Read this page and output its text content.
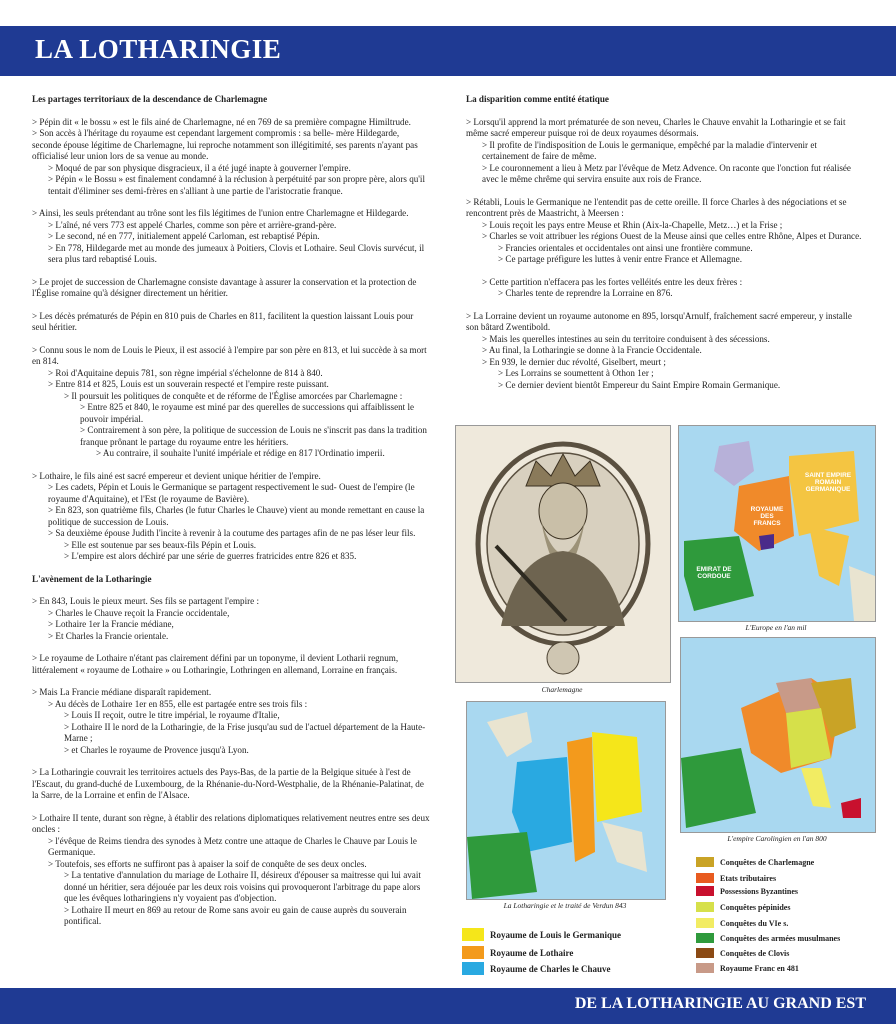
LA LOTHARINGIE

Les partages territoriaux de la descendance de Charlemagne

> Pépin dit « le bossu » est le fils ainé de Charlemagne, né en 769 de sa première compagne Himiltrude.

> Son accès à l'héritage du royaume est cependant largement compromis : sa belle- mère Hildegarde, seconde épouse légitime de Charlemagne, lui reproche notamment son illégitimité, ses parents n'ayant pas officialisé leur union lors de sa venue au monde.

> Moqué de par son physique disgracieux, il a été jugé inapte à gouverner l'empire.

> Pépin « le Bossu » est finalement condamné à la réclusion à perpétuité par son propre père, alors qu'il tentait d'éliminer ses demi-frères en s'alliant à une partie de l'aristocratie franque.

> Ainsi, les seuls prétendant au trône sont les fils légitimes de l'union entre Charlemagne et Hildegarde.

> L'aîné, né vers 773 est appelé Charles, comme son père et arrière-grand-père.

> Le second, né en 777, initialement appelé Carloman, est rebaptisé Pépin.

> En 778, Hildegarde met au monde des jumeaux à Poitiers, Clovis et Lothaire. Seul Clovis survécut, il sera plus tard rebaptisé Louis.

> Le projet de succession de Charlemagne consiste davantage à assurer la conservation et la protection de l'Église romaine qu'à désigner directement un héritier.

> Les décès prématurés de Pépin en 810 puis de Charles en 811, facilitent la question laissant Louis pour seul héritier.

> Connu sous le nom de Louis le Pieux, il est associé à l'empire par son père en 813, et lui succède à sa mort en 814.

> Roi d'Aquitaine depuis 781, son règne impérial s'échelonne de 814 à 840.

> Entre 814 et 825, Louis est un souverain respecté et l'empire reste puissant.

> Il poursuit les politiques de conquête et de réforme de l'Église amorcées par Charlemagne :

> Entre 825 et 840, le royaume est miné par des querelles de successions qui affaiblissent le pouvoir impérial.

> Contrairement à son père, la politique de succession de Louis ne s'inscrit pas dans la tradition franque prônant le partage du royaume entre les héritiers.

> Au contraire, il souhaite l'unité impériale et rédige en 817 l'Ordinatio imperii.

> Lothaire, le fils ainé est sacré empereur et devient unique héritier de l'empire.

> Les cadets, Pépin et Louis le Germanique se partagent respectivement le sud- Ouest de l'empire (le royaume d'Aquitaine), et l'Est (le royaume de Bavière).

> En 823, son quatrième fils, Charles (le futur Charles le Chauve) vient au monde remettant en cause la politique de succession de Louis.

> Sa deuxième épouse Judith l'incite à revenir à la coutume des partages afin de ne pas léser leur fils.

> Elle est soutenue par ses beaux-fils Pépin et Louis.

> L'empire est alors déchiré par une série de guerres fratricides entre 826 et 835.

L'avènement de la Lotharingie

> En 843, Louis le pieux meurt. Ses fils se partagent l'empire :

> Charles le Chauve reçoit la Francie occidentale,

> Lothaire 1er la Francie médiane,

> Et Charles la Francie orientale.

> Le royaume de Lothaire n'étant pas clairement défini par un toponyme, il devient Lotharii regnum, littéralement « royaume de Lothaire » ou Lotharingie, Lothringen en allemand, Lorraine en français.

> Mais La Francie médiane disparaît rapidement.

> Au décès de Lothaire 1er en 855, elle est partagée entre ses trois fils :

> Louis II reçoit, outre le titre impérial, le royaume d'Italie,

> Lothaire II le nord de la Lotharingie, de la Frise jusqu'au sud de l'actuel département de la Haute-Marne ;

> et Charles le royaume de Provence jusqu'à Lyon.

> La Lotharingie couvrait les territoires actuels des Pays-Bas, de la partie de la Belgique située à l'est de l'Escaut, du grand-duché de Luxembourg, de la Rhénanie-du-Nord-Westphalie, de la Rhénanie-Palatinat, de la Sarre, de la Lorraine et enfin de l'Alsace.

> Lothaire II tente, durant son règne, à établir des relations diplomatiques relativement neutres entre ses deux oncles :

> l'évêque de Reims tiendra des synodes à Metz contre une attaque de Charles le Chauve par Louis le Germanique.

> Toutefois, ses efforts ne suffiront pas à apaiser la soif de conquête de ses deux oncles.

> La tentative d'annulation du mariage de Lothaire II, désireux d'épouser sa maitresse qui lui avait donné un héritier, sera déjouée par les deux rois voisins qui provoqueront l'arbitrage du pape alors que les évêques lotharingiens n'y voyaient pas d'objection.

> Lothaire II meurt en 869 au retour de Rome sans avoir eu gain de cause auprès du souverain pontifical.

La disparition comme entité étatique

> Lorsqu'il apprend la mort prématurée de son neveu, Charles le Chauve envahit la Lotharingie et se fait même sacré empereur puisque roi de deux royaumes désormais.

> Il profite de l'indisposition de Louis le germanique, empêché par la maladie d'intervenir et certainement de faire de même.

> Le couronnement a lieu à Metz par l'évêque de Metz Advence. On raconte que l'onction fut réalisée avec le même chrême qui servira ensuite aux rois de France.

> Rétabli, Louis le Germanique ne l'entendit pas de cette oreille. Il force Charles à des négociations et se rencontrent près de Maastricht, à Meersen :

> Louis reçoit les pays entre Meuse et Rhin (Aix-la-Chapelle, Metz…) et la Frise ;

> Charles se voit attribuer les régions Ouest de la Meuse ainsi que celles entre Rhône, Alpes et Durance.

> Francies orientales et occidentales ont ainsi une frontière commune.

> Ce partage préfigure les luttes à venir entre France et Allemagne.

> Cette partition n'effacera pas les fortes velléités entre les deux frères :

> Charles tente de reprendre la Lorraine en 876.

> La Lorraine devient un royaume autonome en 895, lorsqu'Arnulf, fraîchement sacré empereur, y installe son bâtard Zwentibold.

> Mais les querelles intestines au sein du territoire conduisent à des sécessions.

> Au final, la Lotharingie se donne à la Francie Occidentale.

> En 939, le dernier duc révolté, Giselbert, meurt ;

> Les Lorrains se soumettent à Othon 1er ;

> Ce dernier devient bientôt Empereur du Saint Empire Romain Germanique.

Charlemagne
SAINT EMPIRE ROMAIN GERMANIQUE
ROYAUME DES FRANCS
EMIRAT DE CORDOUE
L'Europe en l'an mil
L'empire Carolingien en l'an 800
La Lotharingie et le traité de Verdun 843
Royaume de Louis le Germanique
Royaume de Lothaire
Royaume de Charles le Chauve
Conquêtes de Charlemagne
Etats tributaires
Possessions Byzantines
Conquêtes pépinides
Conquêtes du VIe s.
Conquêtes des armées musulmanes
Conquêtes de Clovis
Royaume Franc en 481
DE LA LOTHARINGIE AU GRAND EST
